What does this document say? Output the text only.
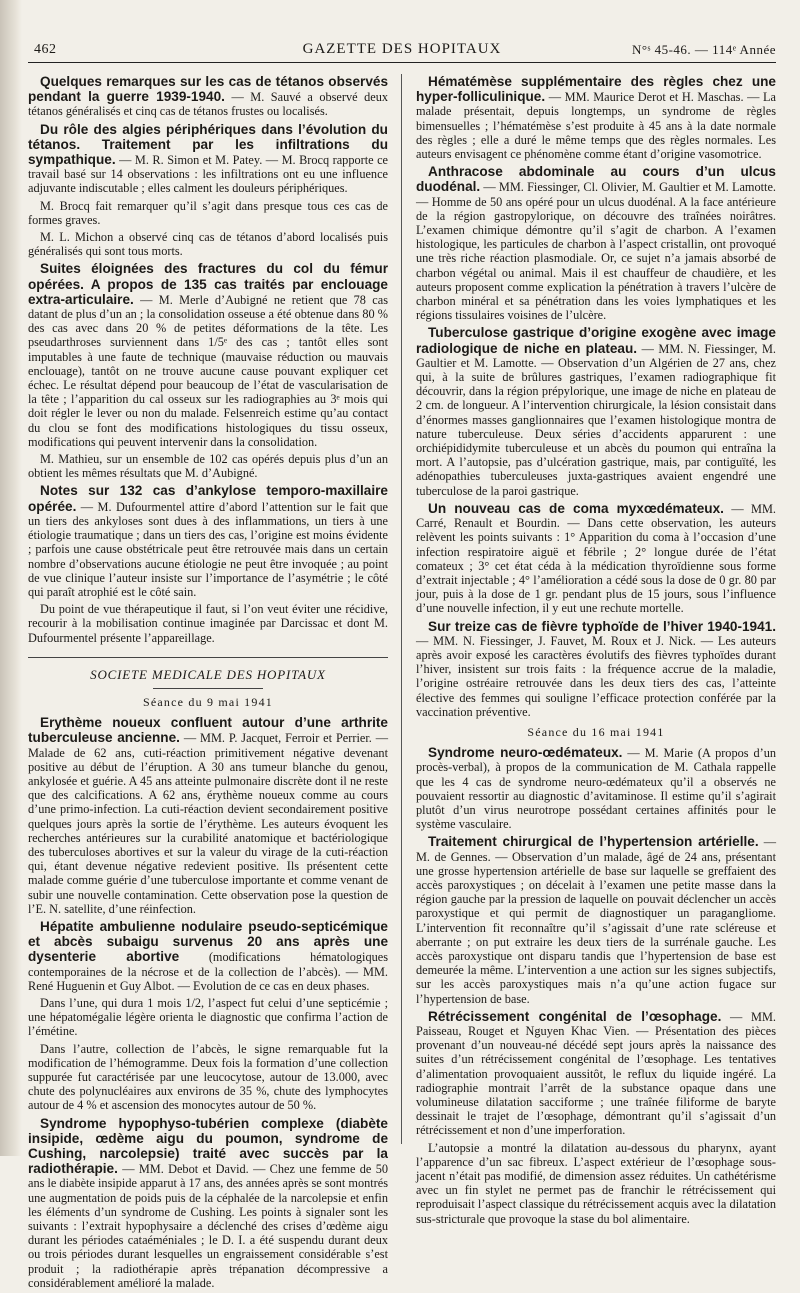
462	GAZETTE DES HOPITAUX	N°ˢ 45-46. — 114ᵉ Année

Quelques remarques sur les cas de tétanos observés pendant la guerre 1939-1940. — M. Sauvé a observé deux tétanos généralisés et cinq cas de tétanos frustes ou localisés.

Du rôle des algies périphériques dans l’évolution du tétanos. Traitement par les infiltrations du sympathique. — M. R. Simon et M. Patey. — M. Brocq rapporte ce travail basé sur 14 observations : les infiltrations ont eu une influence adjuvante indiscutable ; elles calment les douleurs périphériques.

M. Brocq fait remarquer qu’il s’agit dans presque tous ces cas de formes graves.

M. L. Michon a observé cinq cas de tétanos d’abord localisés puis généralisés qui sont tous morts.

Suites éloignées des fractures du col du fémur opérées. A propos de 135 cas traités par enclouage extra-articulaire. — M. Merle d’Aubigné ne retient que 78 cas datant de plus d’un an ; la consolidation osseuse a été obtenue dans 80 % des cas avec dans 20 % de petites déformations de la tête. Les pseudarthroses surviennent dans 1/5ᵉ des cas ; tantôt elles sont imputables à une faute de technique (mauvaise réduction ou mauvais enclouage), tantôt on ne trouve aucune cause pouvant expliquer cet échec. Le résultat dépend pour beaucoup de l’état de vascularisation de la tête ; l’apparition du cal osseux sur les radiographies au 3ᵉ mois qui doit régler le lever ou non du malade. Felsenreich estime qu’au contact du clou se font des modifications histologiques du tissu osseux, modifications qui peuvent intervenir dans la consolidation.

M. Mathieu, sur un ensemble de 102 cas opérés depuis plus d’un an obtient les mêmes résultats que M. d’Aubigné.

Notes sur 132 cas d’ankylose temporo-maxillaire opérée. — M. Dufourmentel attire d’abord l’attention sur le fait que un tiers des ankyloses sont dues à des inflammations, un tiers à une étiologie traumatique ; dans un tiers des cas, l’origine est moins évidente ; parfois une cause obstétricale peut être retrouvée mais dans un certain nombre d’observations aucune étiologie ne peut être invoquée ; au point de vue clinique l’auteur insiste sur l’importance de l’asymétrie ; le côté qui paraît atrophié est le côté sain.

Du point de vue thérapeutique il faut, si l’on veut éviter une récidive, recourir à la mobilisation continue imaginée par Darcissac et dont M. Dufourmentel présente l’appareillage.

SOCIETE MEDICALE DES HOPITAUX
Séance du 9 mai 1941

Erythème noueux confluent autour d’une arthrite tuberculeuse ancienne. — MM. P. Jacquet, Ferroir et Perrier. — Malade de 62 ans, cuti-réaction primitivement négative devenant positive au début de l’éruption. A 30 ans tumeur blanche du genou, ankylosée et guérie. A 45 ans atteinte pulmonaire discrète dont il ne reste que des calcifications. A 62 ans, érythème noueux comme au cours d’une primo-infection. La cuti-réaction devient secondairement positive quelques jours après la sortie de l’érythème. Les auteurs évoquent les recherches antérieures sur la curabilité anatomique et bactériologique des tuberculoses abortives et sur la valeur du virage de la cuti-réaction qui, étant devenue négative redevient positive. Ils présentent cette malade comme guérie d’une tuberculose importante et comme venant de subir une nouvelle contamination. Cette observation pose la question de l’E. N. satellite, d’une réinfection.

Hépatite ambulienne nodulaire pseudo-septicémique et abcès subaigu survenus 20 ans après une dysenterie abortive (modifications hématologiques contemporaines de la nécrose et de la collection de l’abcès). — MM. René Huguenin et Guy Albot. — Evolution de ce cas en deux phases.

Dans l’une, qui dura 1 mois 1/2, l’aspect fut celui d’une septicémie ; une hépatomégalie légère orienta le diagnostic que confirma l’action de l’émétine.

Dans l’autre, collection de l’abcès, le signe remarquable fut la modification de l’hémogramme. Deux fois la formation d’une collection suppurée fut caractérisée par une leucocytose, autour de 13.000, avec chute des polynucléaires aux environs de 35 %, chute des lymphocytes autour de 4 % et ascension des monocytes autour de 50 %.

Syndrome hypophyso-tubérien complexe (diabète insipide, œdème aigu du poumon, syndrome de Cushing, narcolepsie) traité avec succès par la radiothérapie. — MM. Debot et David. — Chez une femme de 50 ans le diabète insipide apparut à 17 ans, des années après se sont montrés une augmentation de poids puis de la céphalée de la narcolepsie et enfin les éléments d’un syndrome de Cushing. Les points à signaler sont les suivants : l’extrait hypophysaire a déclenché des crises d’œdème aigu durant les périodes cataéméniales ; le D. I. a été suspendu durant deux ou trois périodes durant lesquelles un engraissement considérable s’est produit ; la radiothérapie après trépanation décompressive a considérablement amélioré la malade.

Hématémèse supplémentaire des règles chez une hyper-folliculinique. — MM. Maurice Derot et H. Maschas. — La malade présentait, depuis longtemps, un syndrome de règles bimensuelles ; l’hématémèse s’est produite à 45 ans à la date normale des règles ; elle a duré le même temps que des règles normales. Les auteurs envisagent ce phénomène comme étant d’origine vasomotrice.

Anthracose abdominale au cours d’un ulcus duodénal. — MM. Fiessinger, Cl. Olivier, M. Gaultier et M. Lamotte. — Homme de 50 ans opéré pour un ulcus duodénal. A la face antérieure de la région gastropylorique, on découvre des traînées noirâtres. L’examen chimique démontre qu’il s’agit de charbon. A l’examen histologique, les particules de charbon à l’aspect cristallin, ont provoqué une très riche réaction plasmodiale. Or, ce sujet n’a jamais absorbé de charbon végétal ou animal. Mais il est chauffeur de chaudière, et les auteurs proposent comme explication la pénétration à travers l’ulcère de charbon minéral et sa pénétration dans les voies lymphatiques et les régions tissulaires voisines de l’ulcère.

Tuberculose gastrique d’origine exogène avec image radiologique de niche en plateau. — MM. N. Fiessinger, M. Gaultier et M. Lamotte. — Observation d’un Algérien de 27 ans, chez qui, à la suite de brûlures gastriques, l’examen radiographique fit découvrir, dans la région prépylorique, une image de niche en plateau de 2 cm. de longueur. A l’intervention chirurgicale, la lésion consistait dans d’énormes masses ganglionnaires que l’examen histologique montra de nature tuberculeuse. Deux séries d’accidents apparurent : une orchiépididymite tuberculeuse et un abcès du poumon qui entraîna la mort. A l’autopsie, pas d’ulcération gastrique, mais, par contiguïté, les adénopathies tuberculeuses juxta-gastriques avaient engendré une tuberculose de la paroi gastrique.

Un nouveau cas de coma myxœdémateux. — MM. Carré, Renault et Bourdin. — Dans cette observation, les auteurs relèvent les points suivants : 1° Apparition du coma à l’occasion d’une infection respiratoire aiguë et fébrile ; 2° longue durée de l’état comateux ; 3° cet état céda à la médication thyroïdienne sous forme d’extrait injectable ; 4° l’amélioration a cédé sous la dose de 0 gr. 80 par jour, puis à la dose de 1 gr. pendant plus de 15 jours, sous l’influence d’une nouvelle infection, il y eut une rechute mortelle.

Sur treize cas de fièvre typhoïde de l’hiver 1940-1941. — MM. N. Fiessinger, J. Fauvet, M. Roux et J. Nick. — Les auteurs après avoir exposé les caractères évolutifs des fièvres typhoïdes durant l’hiver, insistent sur trois faits : la fréquence accrue de la maladie, l’origine ostréaire retrouvée dans les deux tiers des cas, l’atteinte élective des femmes qui souligne l’efficace protection conférée par la vaccination préventive.

Séance du 16 mai 1941

Syndrome neuro-œdémateux. — M. Marie (A propos d’un procès-verbal), à propos de la communication de M. Cathala rappelle que les 4 cas de syndrome neuro-œdémateux qu’il a observés ne pouvaient ressortir au diagnostic d’avitaminose. Il estime qu’il s’agirait plutôt d’un virus neurotrope possédant certaines affinités pour le système vasculaire.

Traitement chirurgical de l’hypertension artérielle. — M. de Gennes. — Observation d’un malade, âgé de 24 ans, présentant une grosse hypertension artérielle de base sur laquelle se greffaient des accès paroxystiques ; on décelait à l’examen une petite masse dans la région gauche par la pression de laquelle on pouvait déclencher un accès paroxystique et qui permit de diagnostiquer un paragangliome. L’intervention fit reconnaître qu’il s’agissait d’une rate scléreuse et aberrante ; on put extraire les deux tiers de la surrénale gauche. Les accès paroxystique ont disparu tandis que l’hypertension de base est demeurée la même. L’intervention a une action sur les signes subjectifs, sur les accès paroxystiques mais n’a qu’une action fugace sur l’hypertension de base.

Rétrécissement congénital de l’œsophage. — MM. Paisseau, Rouget et Nguyen Khac Vien. — Présentation des pièces provenant d’un nouveau-né décédé sept jours après la naissance des suites d’un rétrécissement congénital de l’œsophage. Les tentatives d’alimentation provoquaient aussitôt, le reflux du liquide ingéré. La radiographie montrait l’arrêt de la substance opaque dans une volumineuse dilatation sacciforme ; une traînée filiforme de baryte dessinait le trajet de l’œsophage, démontrant qu’il s’agissait d’un rétrécissement et non d’une imperforation.

L’autopsie a montré la dilatation au-dessous du pharynx, ayant l’apparence d’un sac fibreux. L’aspect extérieur de l’œsophage sous-jacent n’était pas modifié, de dimension assez réduites. Un cathétérisme avec un fin stylet ne permet pas de franchir le rétrécissement qui reproduisait l’aspect classique du rétrécissement acquis avec la dilatation sus-stricturale que provoque la stase du bol alimentaire.
